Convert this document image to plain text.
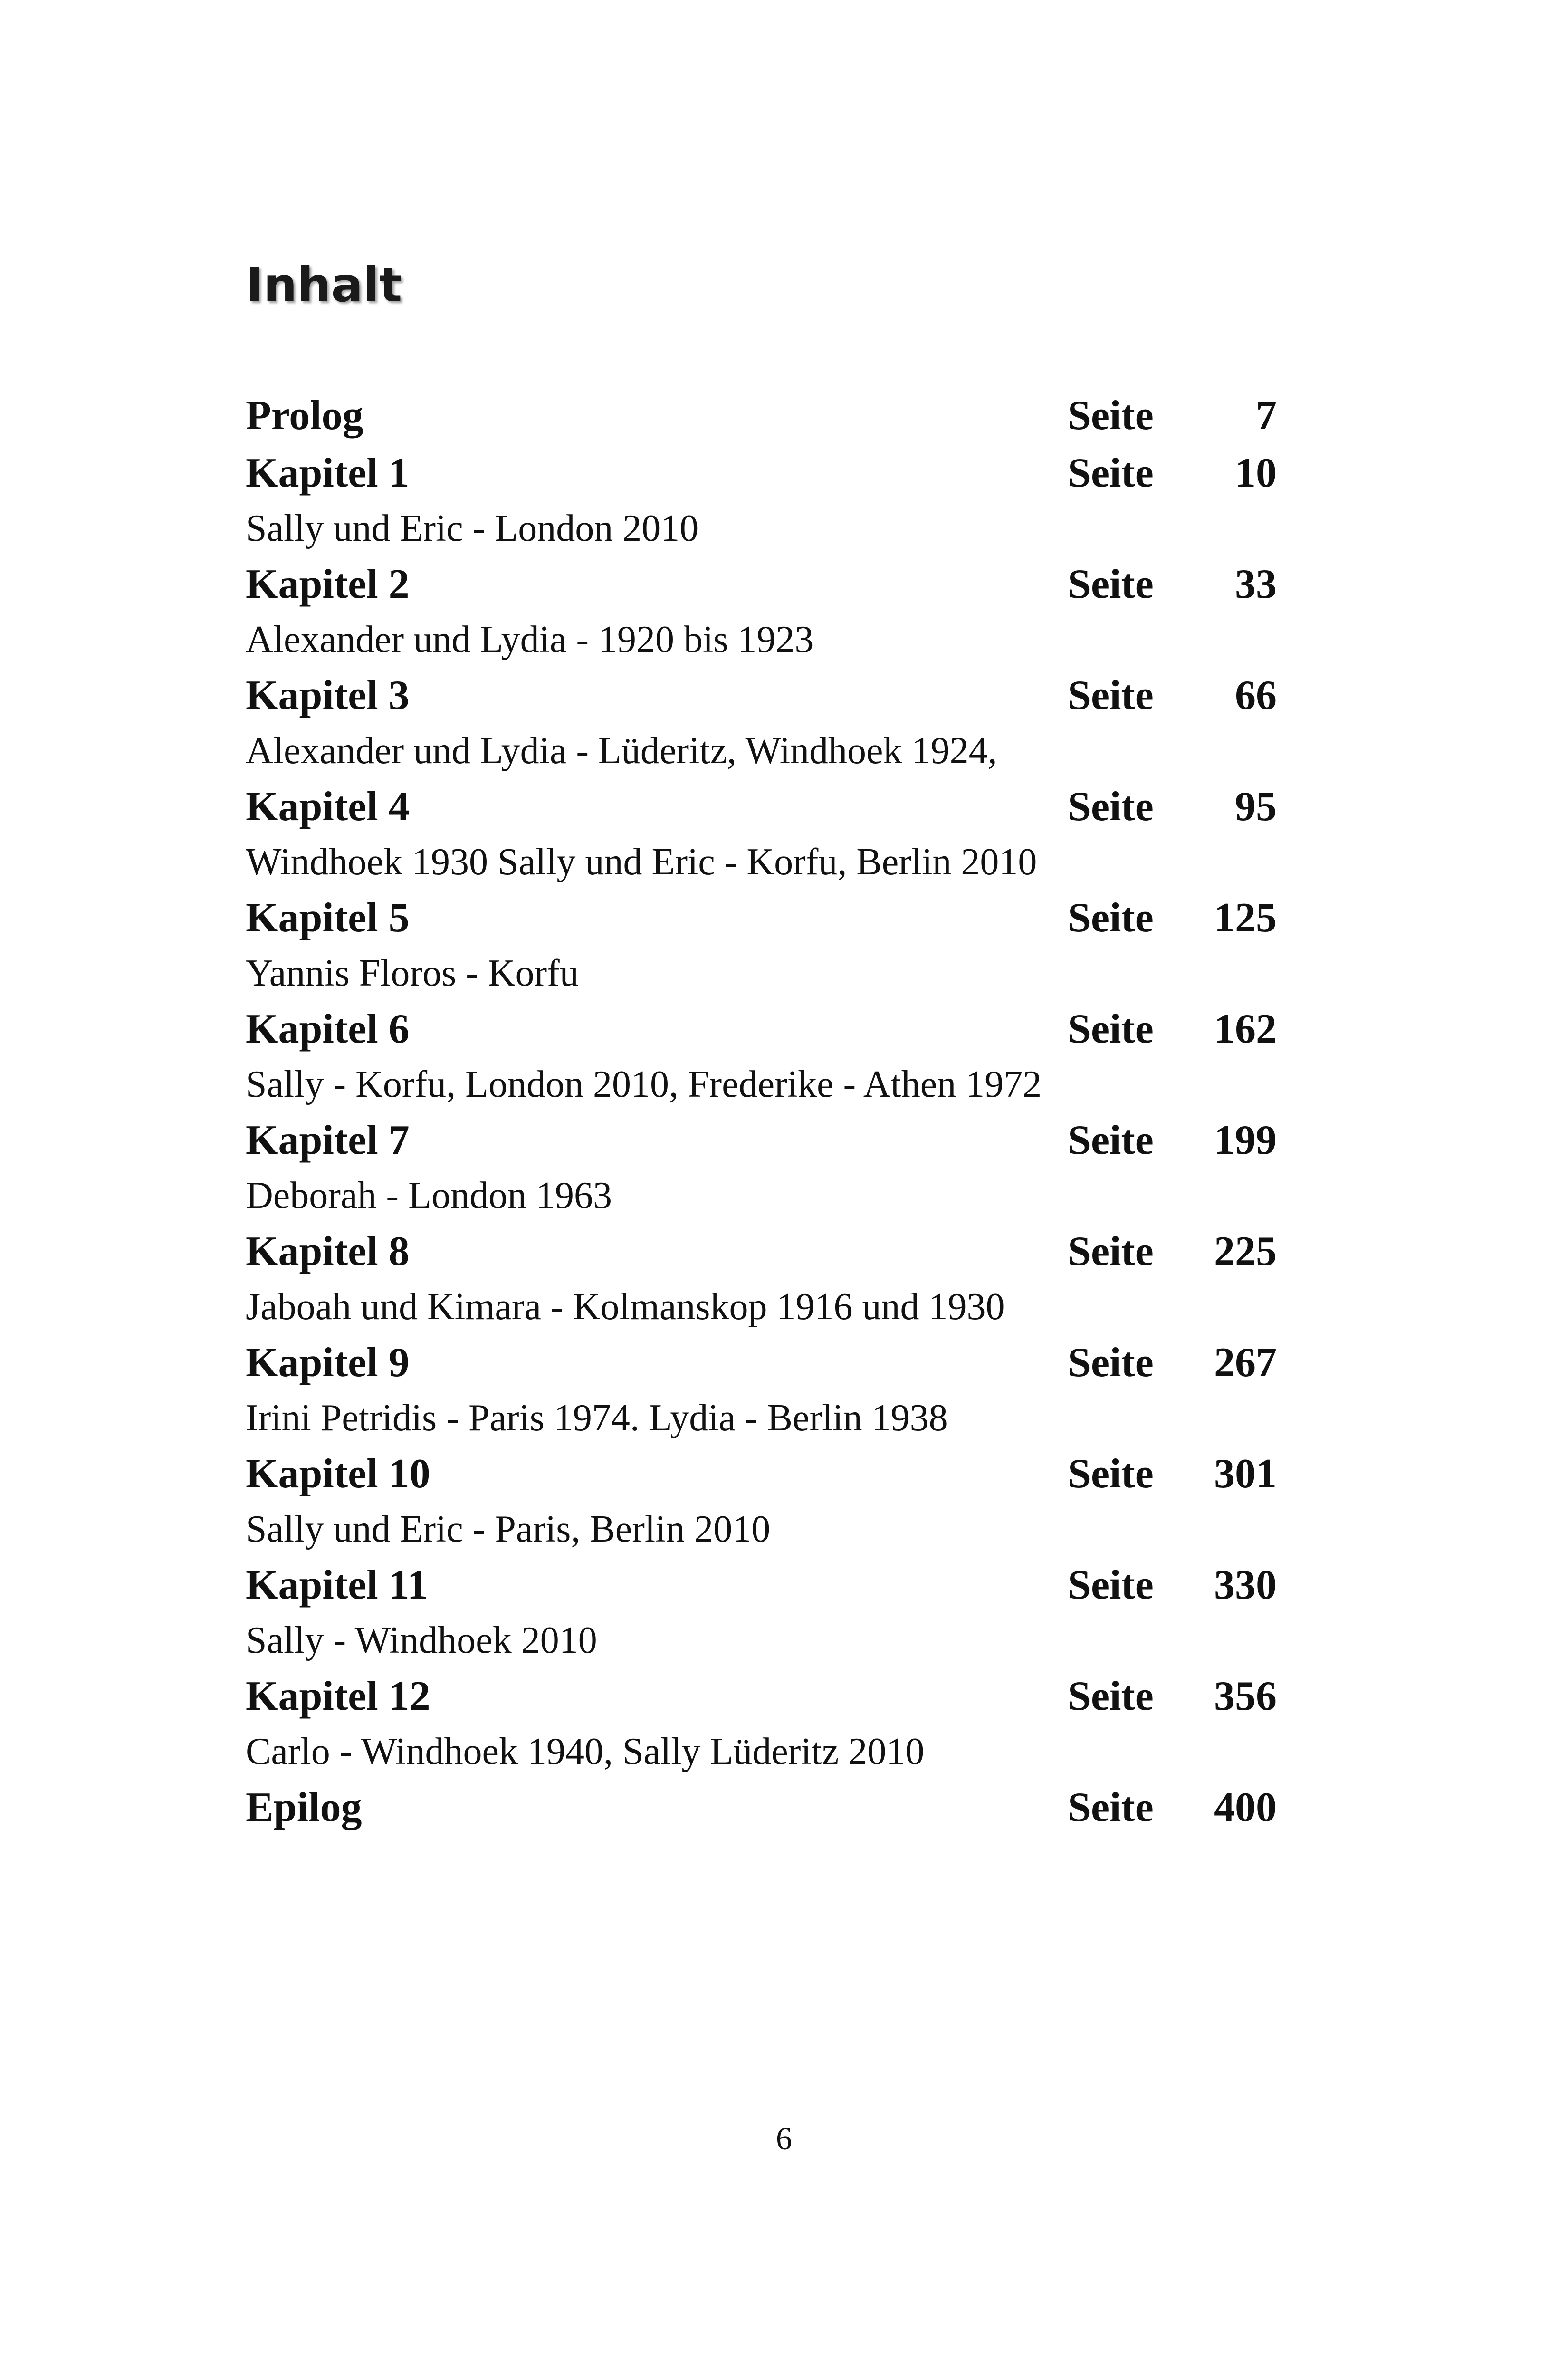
Inhalt
Prolog	Seite	7
Kapitel 1	Seite	10
Sally und Eric - London 2010
Kapitel 2	Seite	33
Alexander und Lydia - 1920 bis 1923
Kapitel 3	Seite	66
Alexander und Lydia - Lüderitz, Windhoek 1924,
Kapitel 4	Seite	95
Windhoek 1930 Sally und Eric - Korfu, Berlin 2010
Kapitel 5	Seite	125
Yannis Floros - Korfu
Kapitel 6	Seite	162
Sally - Korfu, London 2010, Frederike - Athen 1972
Kapitel 7	Seite	199
Deborah - London 1963
Kapitel 8	Seite	225
Jaboah und Kimara - Kolmanskop 1916 und 1930
Kapitel 9	Seite	267
Irini Petridis - Paris 1974. Lydia - Berlin 1938
Kapitel 10	Seite	301
Sally und Eric - Paris, Berlin 2010
Kapitel 11	Seite	330
Sally - Windhoek 2010
Kapitel 12	Seite	356
Carlo - Windhoek 1940, Sally Lüderitz 2010
Epilog	Seite	400
6
